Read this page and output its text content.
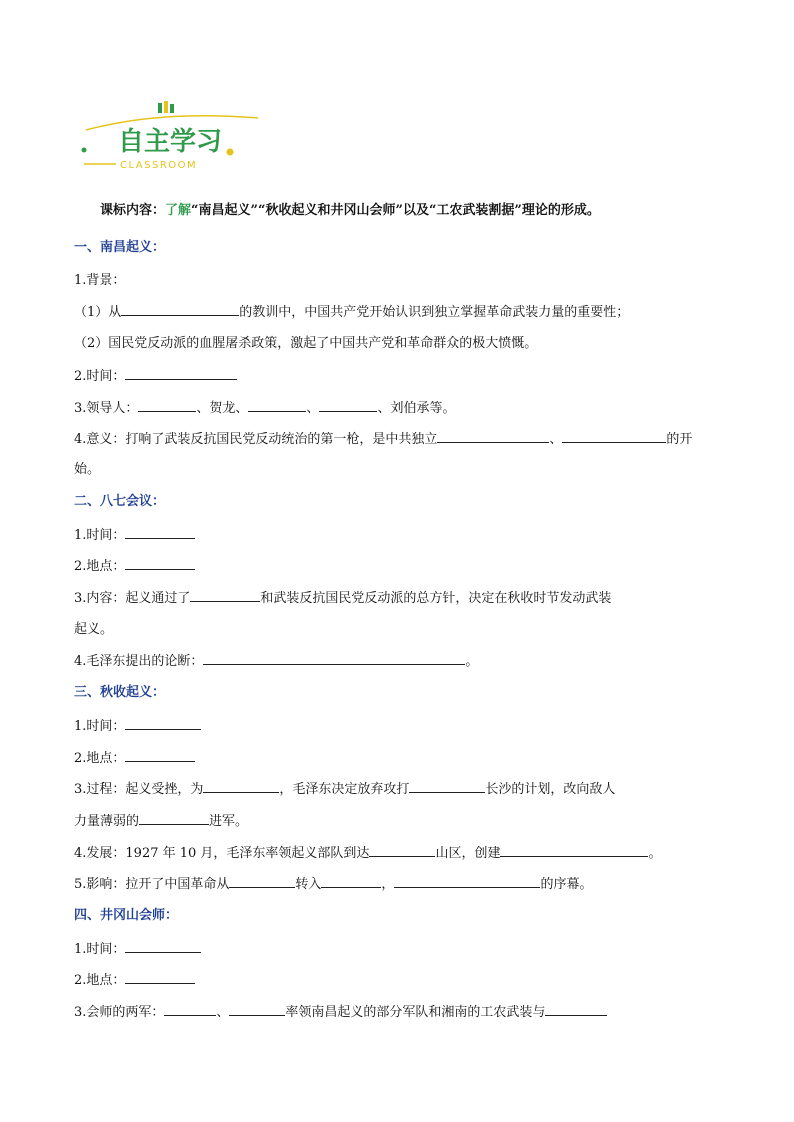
自主学习
CLASSROOM
课标内容：了解“南昌起义”“秋收起义和井冈山会师”以及“工农武装割据”理论的形成。
一、南昌起义：
1.背景：
（1）从	的教训中，中国共产党开始认识到独立掌握革命武装力量的重要性；
（2）国民党反动派的血腥屠杀政策，激起了中国共产党和革命群众的极大愤慨。
2.时间：
3.领导人：	、贺龙、	、	、刘伯承等。
4.意义：打响了武装反抗国民党反动统治的第一枪，是中共独立	、	的开
始。
二、八七会议：
1.时间：
2.地点：
3.内容：起义通过了	和武装反抗国民党反动派的总方针，决定在秋收时节发动武装
起义。
4.毛泽东提出的论断：	。
三、秋收起义：
1.时间：
2.地点：
3.过程：起义受挫，为	，毛泽东决定放弃攻打	长沙的计划，改向敌人
力量薄弱的	进军。
4.发展：1927 年 10 月，毛泽东率领起义部队到达	山区，创建	。
5.影响：拉开了中国革命从	转入	，	的序幕。
四、井冈山会师：
1.时间：
2.地点：
3.会师的两军：	、	率领南昌起义的部分军队和湘南的工农武装与
